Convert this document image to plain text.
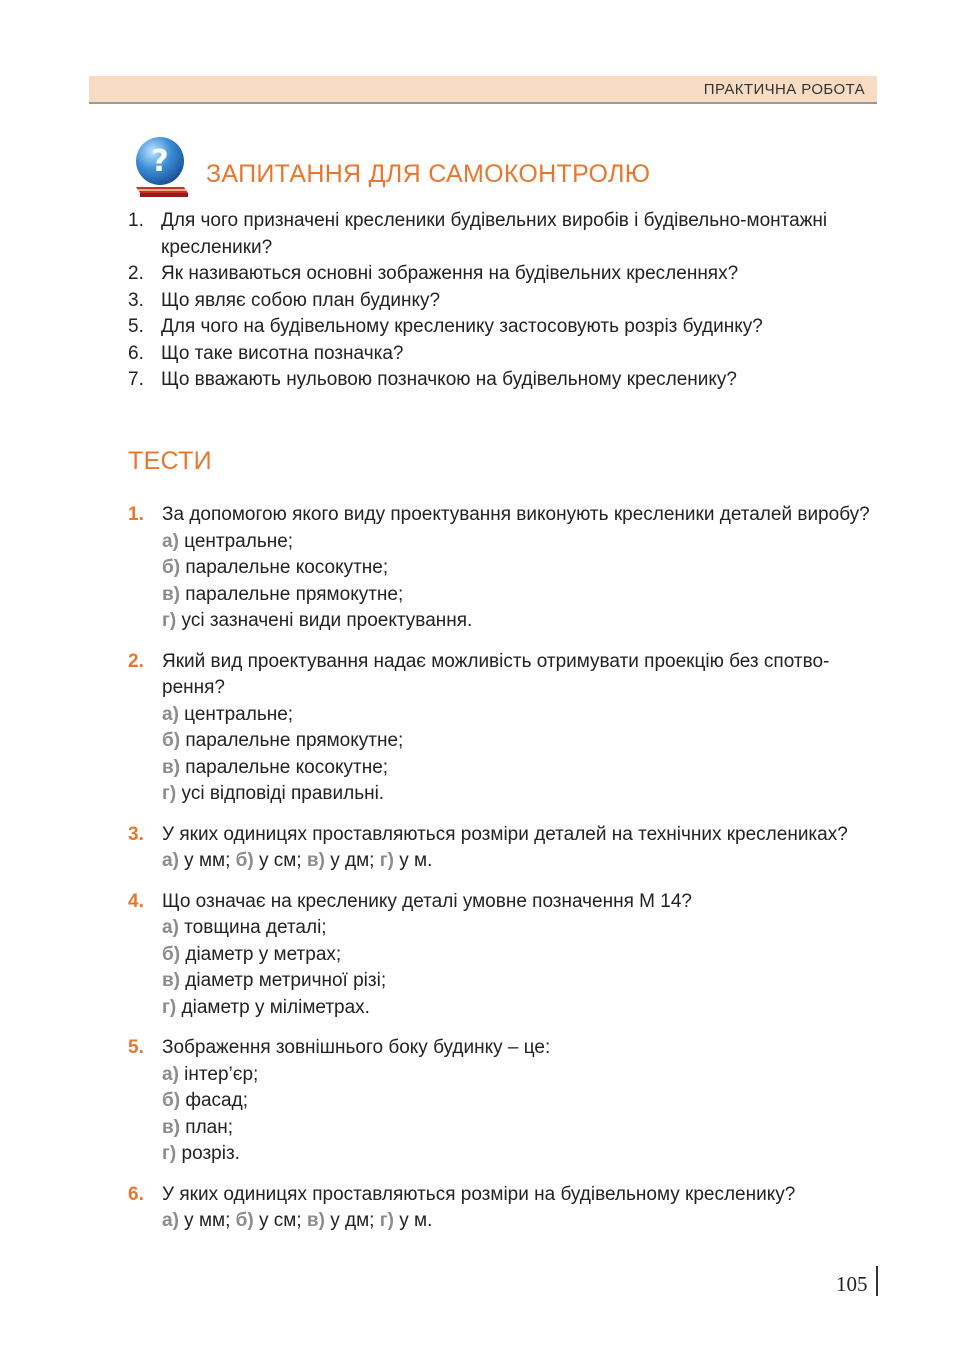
ПРАКТИЧНА РОБОТА
? ЗАПИТАННЯ ДЛЯ САМОКОНТРОЛЮ
1. Для чого призначені кресленики будівельних виробів і будівельно-монтажні кресленики?
2. Як називаються основні зображення на будівельних кресленнях?
3. Що являє собою план будинку?
5. Для чого на будівельному кресленику застосовують розріз будинку?
6. Що таке висотна позначка?
7. Що вважають нульовою позначкою на будівельному кресленику?
ТЕСТИ
1. За допомогою якого виду проектування виконують кресленики деталей виробу?
а) центральне;
б) паралельне косокутне;
в) паралельне прямокутне;
г) усі зазначені види проектування.
2. Який вид проектування надає можливість отримувати проекцію без спотво-рення?
а) центральне;
б) паралельне прямокутне;
в) паралельне косокутне;
г) усі відповіді правильні.
3. У яких одиницях проставляються розміри деталей на технічних креслениках?
а) у мм; б) у см; в) у дм; г) у м.
4. Що означає на кресленику деталі умовне позначення М 14?
а) товщина деталі;
б) діаметр у метрах;
в) діаметр метричної різі;
г) діаметр у міліметрах.
5. Зображення зовнішнього боку будинку – це:
а) інтер’єр;
б) фасад;
в) план;
г) розріз.
6. У яких одиницях проставляються розміри на будівельному кресленику?
а) у мм; б) у см; в) у дм; г) у м.
105
